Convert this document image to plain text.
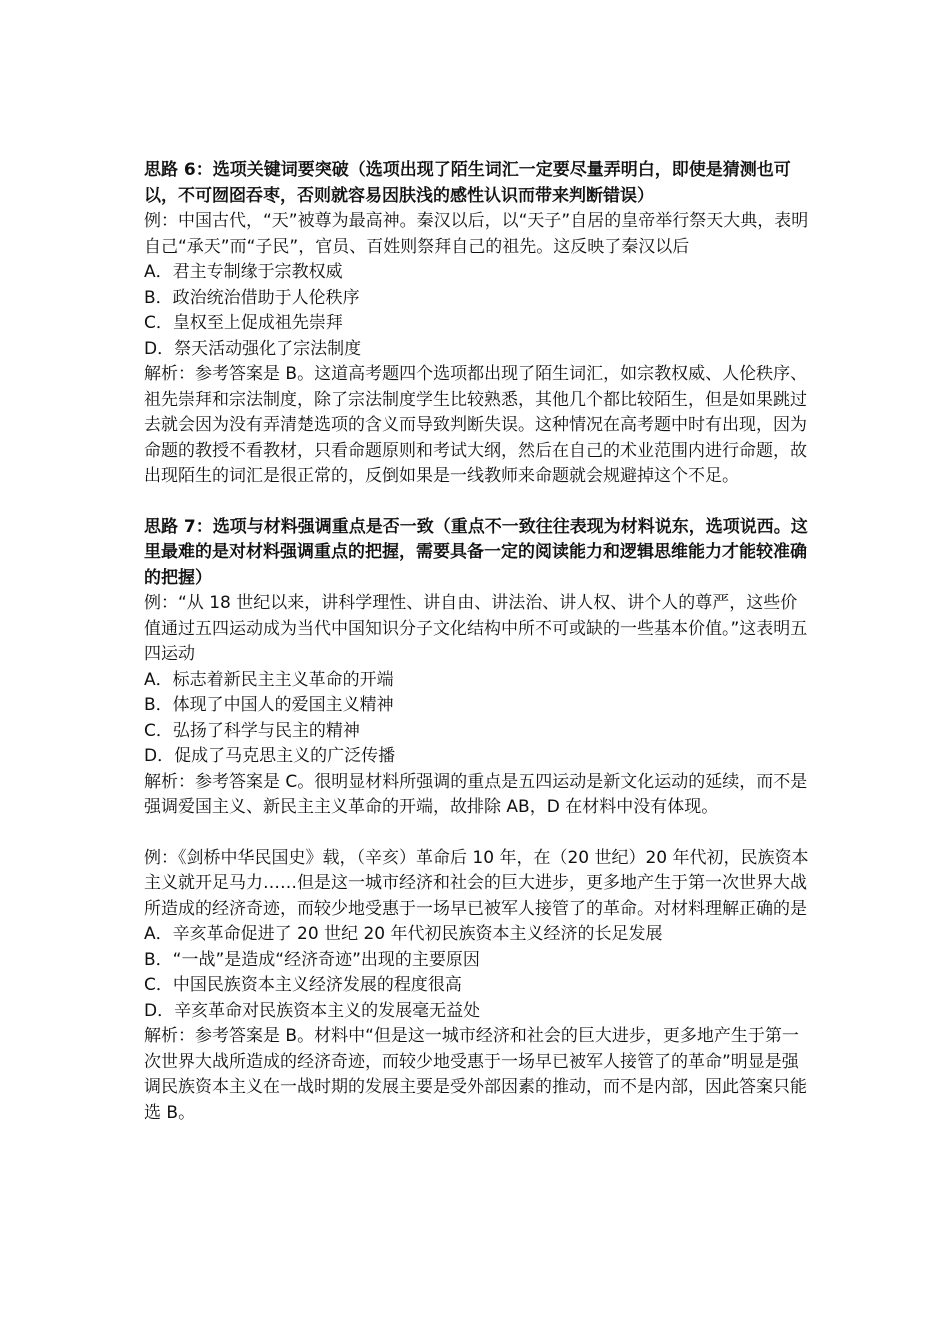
思路 6：选项关键词要突破（选项出现了陌生词汇一定要尽量弄明白，即使是猜测也可以，不可囫囵吞枣，否则就容易因肤浅的感性认识而带来判断错误）

例：中国古代，“天”被尊为最高神。秦汉以后，以“天子”自居的皇帝举行祭天大典，表明自己“承天”而“子民”，官员、百姓则祭拜自己的祖先。这反映了秦汉以后

A．君主专制缘于宗教权威

B．政治统治借助于人伦秩序

C．皇权至上促成祖先崇拜

D．祭天活动强化了宗法制度

解析：参考答案是 B。这道高考题四个选项都出现了陌生词汇，如宗教权威、人伦秩序、祖先崇拜和宗法制度，除了宗法制度学生比较熟悉，其他几个都比较陌生，但是如果跳过去就会因为没有弄清楚选项的含义而导致判断失误。这种情况在高考题中时有出现，因为命题的教授不看教材，只看命题原则和考试大纲，然后在自己的术业范围内进行命题，故出现陌生的词汇是很正常的，反倒如果是一线教师来命题就会规避掉这个不足。

思路 7：选项与材料强调重点是否一致（重点不一致往往表现为材料说东，选项说西。这里最难的是对材料强调重点的把握，需要具备一定的阅读能力和逻辑思维能力才能较准确的把握）

例：“从 18 世纪以来，讲科学理性、讲自由、讲法治、讲人权、讲个人的尊严，这些价值通过五四运动成为当代中国知识分子文化结构中所不可或缺的一些基本价值。”这表明五四运动

A．标志着新民主主义革命的开端

B．体现了中国人的爱国主义精神

C．弘扬了科学与民主的精神

D．促成了马克思主义的广泛传播

解析：参考答案是 C。很明显材料所强调的重点是五四运动是新文化运动的延续，而不是强调爱国主义、新民主主义革命的开端，故排除 AB，D 在材料中没有体现。

例：《剑桥中华民国史》载，（辛亥）革命后 10 年，在（20 世纪）20 年代初，民族资本主义就开足马力……但是这一城市经济和社会的巨大进步，更多地产生于第一次世界大战所造成的经济奇迹，而较少地受惠于一场早已被军人接管了的革命。对材料理解正确的是

A．辛亥革命促进了 20 世纪 20 年代初民族资本主义经济的长足发展

B．“一战”是造成“经济奇迹”出现的主要原因

C．中国民族资本主义经济发展的程度很高

D．辛亥革命对民族资本主义的发展毫无益处

解析：参考答案是 B。材料中“但是这一城市经济和社会的巨大进步，更多地产生于第一次世界大战所造成的经济奇迹，而较少地受惠于一场早已被军人接管了的革命”明显是强调民族资本主义在一战时期的发展主要是受外部因素的推动，而不是内部，因此答案只能选 B。
